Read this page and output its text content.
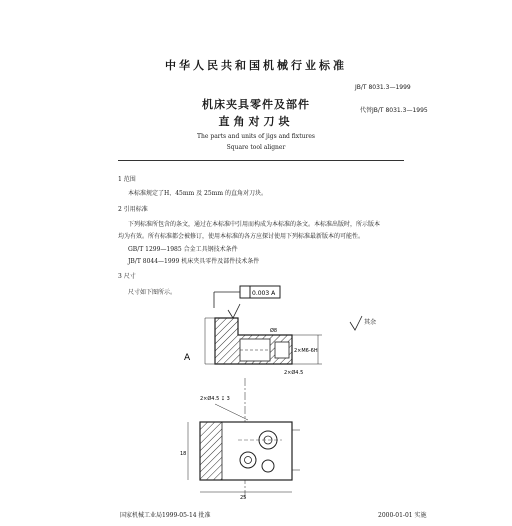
中华人民共和国机械行业标准
JB/T 8031.3—1999
机床夹具零件及部件	代替JB/T 8031.3—1995
直角对刀块
The parts and units of jigs and fixtures
Square tool aligner
1 范围
本标准规定了H、45mm 及 25mm 的直角对刀块。
2 引用标准
下列标准所包含的条文，通过在本标准中引用而构成为本标准的条文。本标准出版时，所示版本
均为有效。所有标准都会被修订，使用本标准的各方应探讨使用下列标准最新版本的可能性。
GB/T 1299—1985 合金工具钢技术条件
JB/T 8044—1999 机床夹具零件及部件技术条件
3 尺寸
尺寸如下图所示。	0.003 A
其余
A
Ø8
2×M6-6H
2×Ø4.5
2×Ø4.5 ↧ 3
18
25
国家机械工业局1999-05-14 批准	2000-01-01 实施
